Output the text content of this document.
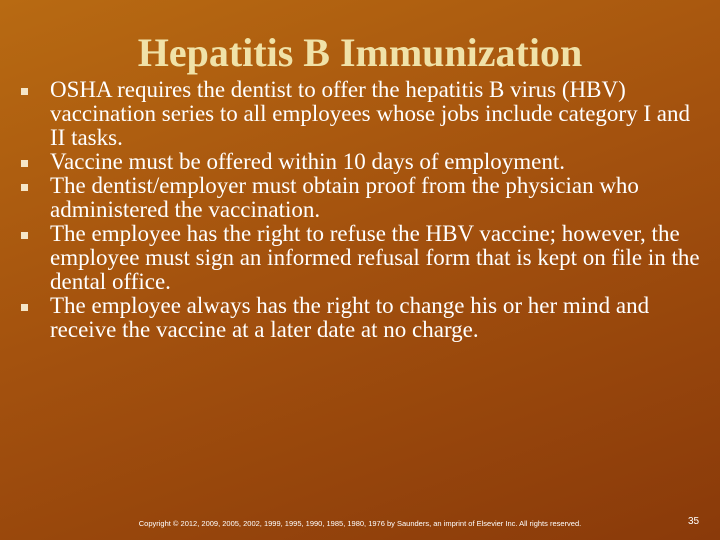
Hepatitis B Immunization
OSHA requires the dentist to offer the hepatitis B virus (HBV) vaccination series to all employees whose jobs include category I and II tasks.
Vaccine must be offered within 10 days of employment.
The dentist/employer must obtain proof from the physician who administered the vaccination.
The employee has the right to refuse the HBV vaccine; however, the employee must sign an informed refusal form that is kept on file in the dental office.
The employee always has the right to change his or her mind and receive the vaccine at a later date at no charge.
Copyright © 2012, 2009, 2005, 2002, 1999, 1995, 1990, 1985, 1980, 1976 by Saunders, an imprint of Elsevier Inc. All rights reserved.	35
